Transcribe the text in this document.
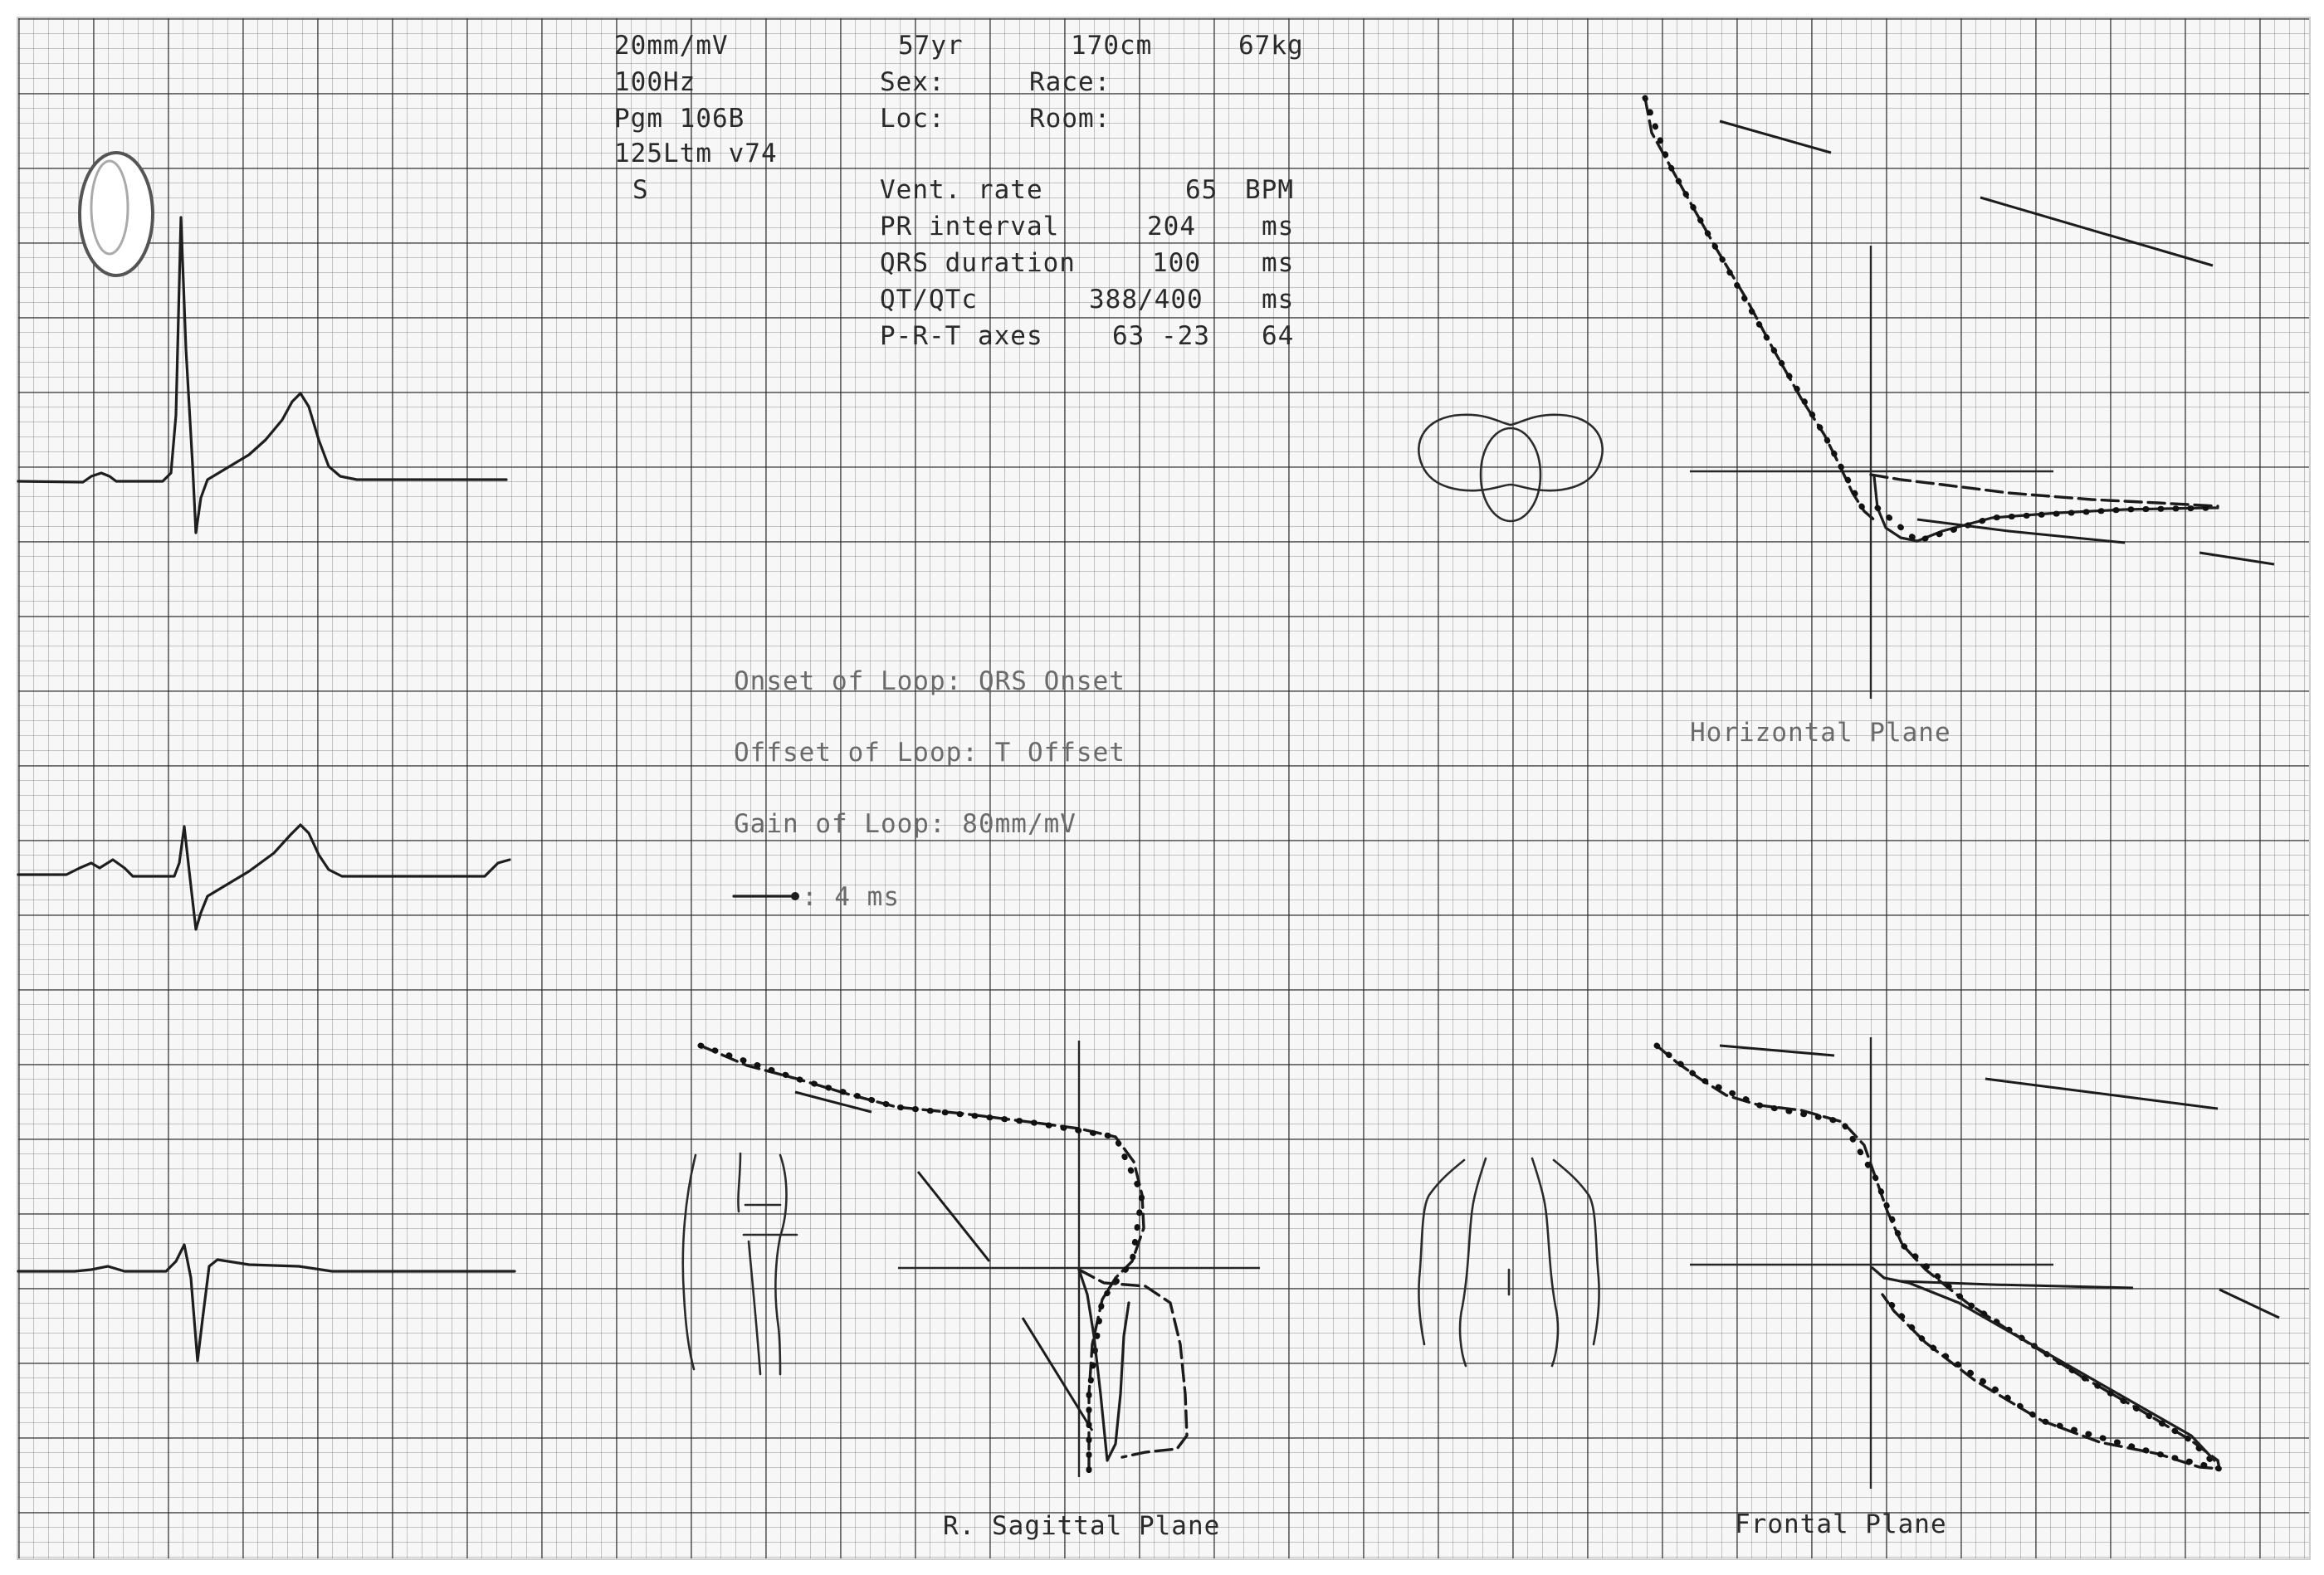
20mm/mV
100Hz
Pgm 106B
125Ltm v74
S
57yr	170cm	67kg
Sex:	Race:
Loc:	Room:
Vent. rate	65 BPM
PR interval	204	ms
QRS duration	100 ms
QT/QTc	388/400 ms
P-R-T axes	63 -23 64
Onset of Loop: QRS Onset
Offset of Loop: T Offset
Gain of Loop: 80mm/mV
: 4 ms
Horizontal Plane
R. Sagittal Plane	Frontal Plane
